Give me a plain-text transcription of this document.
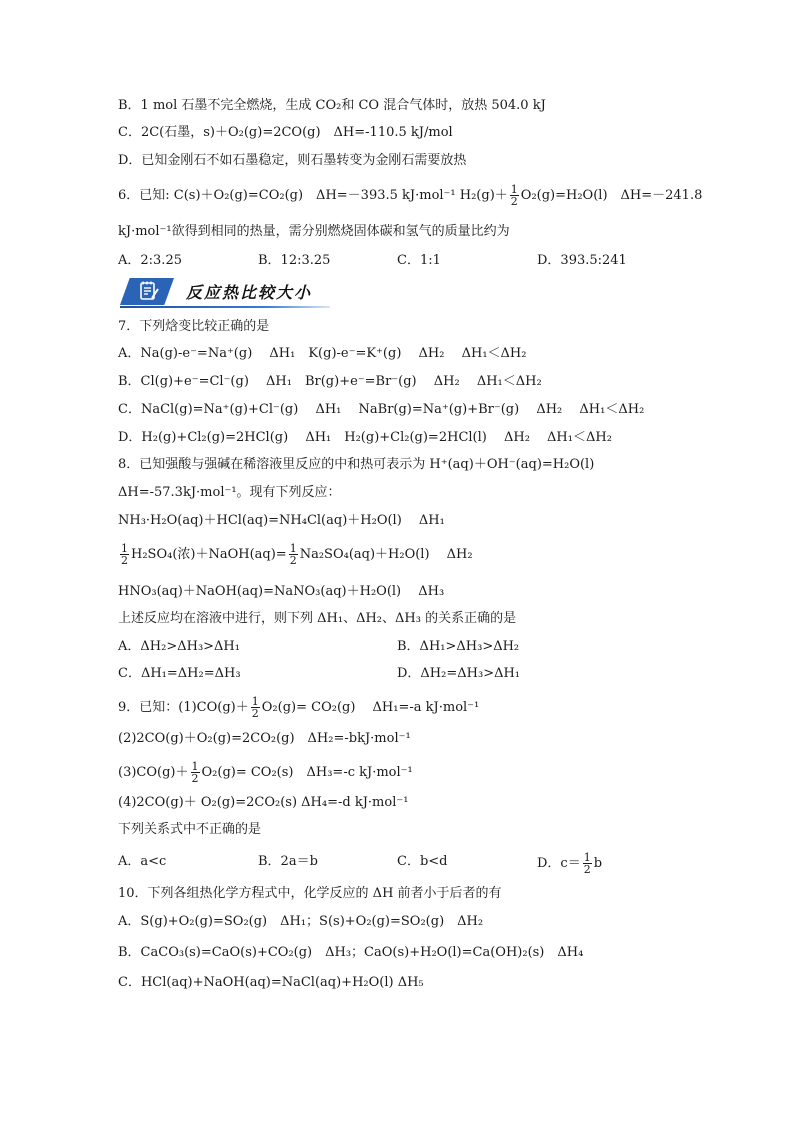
B．1 mol 石墨不完全燃烧，生成 CO₂和 CO 混合气体时，放热 504.0 kJ
C．2C(石墨，s)＋O₂(g)=2CO(g)　ΔH=-110.5 kJ/mol
D．已知金刚石不如石墨稳定，则石墨转变为金刚石需要放热
6．已知: C(s)＋O₂(g)=CO₂(g)　ΔH=－393.5 kJ·mol⁻¹ $H_2(g)+ \frac{1}{2} O_2(g)=H_2O(l)$　ΔH=－241.8
kJ·mol⁻¹欲得到相同的热量，需分别燃烧固体碳和氢气的质量比约为
A．2:3.25	B．12:3.25	C．1:1	D．393.5:241
反应热比较大小
7．下列焓变比较正确的是
A．Na(g)-e⁻=Na⁺(g)　 ΔH₁　K(g)-e⁻=K⁺(g)　 ΔH₂　 ΔH₁＜ΔH₂
B．Cl(g)+e⁻=Cl⁻(g)　 ΔH₁　Br(g)+e⁻=Br⁻(g)　 ΔH₂　 ΔH₁＜ΔH₂
C．NaCl(g)=Na⁺(g)+Cl⁻(g)　 ΔH₁　 NaBr(g)=Na⁺(g)+Br⁻(g)　 ΔH₂　 ΔH₁＜ΔH₂
D．H₂(g)+Cl₂(g)=2HCl(g)　 ΔH₁　H₂(g)+Cl₂(g)=2HCl(l)　 ΔH₂　 ΔH₁＜ΔH₂
8．已知强酸与强碱在稀溶液里反应的中和热可表示为 H⁺(aq)＋OH⁻(aq)=H₂O(l)
ΔH=-57.3kJ·mol⁻¹。现有下列反应：
NH₃·H₂O(aq)＋HCl(aq)=NH₄Cl(aq)＋H₂O(l)　 ΔH₁
$\frac{1}{2} H_2SO_4$(浓)＋NaOH(aq)= $\frac{1}{2} Na_2SO_4(aq)+H_2O(l)$　 ΔH₂
HNO₃(aq)＋NaOH(aq)=NaNO₃(aq)＋H₂O(l)　 ΔH₃
上述反应均在溶液中进行，则下列 ΔH₁、ΔH₂、ΔH₃ 的关系正确的是
A．ΔH₂>ΔH₃>ΔH₁	B．ΔH₁>ΔH₃>ΔH₂
C．ΔH₁=ΔH₂=ΔH₃	D．ΔH₂=ΔH₃>ΔH₁
9．已知：$(1)CO(g)+ \frac{1}{2} O_2(g)= CO_2(g)$　 ΔH₁=-a kJ·mol⁻¹
(2)2CO(g)＋O₂(g)=2CO₂(g)　ΔH₂=-bkJ·mol⁻¹
$(3)CO(g)+ \frac{1}{2} O_2(g)= CO_2(s)$　ΔH₃=-c kJ·mol⁻¹
(4)2CO(g)＋ O₂(g)=2CO₂(s) ΔH₄=-d kJ·mol⁻¹
下列关系式中不正确的是
A．a<c	B．2a＝b	C．b<d	D．$c= \frac{1}{2}$ b
10．下列各组热化学方程式中，化学反应的 ΔH 前者小于后者的有
A．S(g)+O₂(g)=SO₂(g)　ΔH₁；S(s)+O₂(g)=SO₂(g)　ΔH₂
B．CaCO₃(s)=CaO(s)+CO₂(g)　ΔH₃；CaO(s)+H₂O(l)=Ca(OH)₂(s)　ΔH₄
C．HCl(aq)+NaOH(aq)=NaCl(aq)+H₂O(l) ΔH₅
